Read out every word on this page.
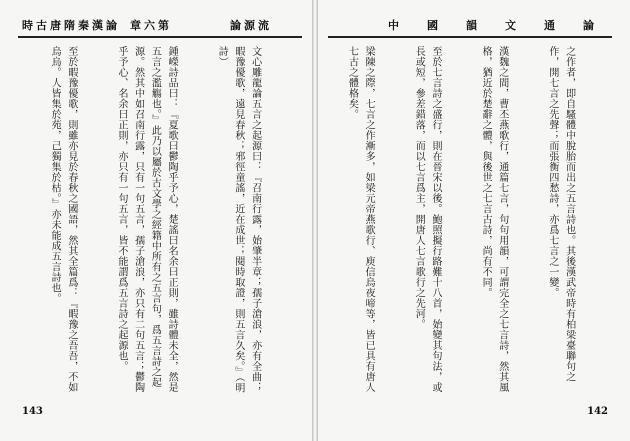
時古唐隋秦漢論 章六第	論源流

文心雕龍論五言之起源曰：『召南行露，始肇半章；孺子滄浪，亦有全曲；暇豫優歌，遠見春秋；邪徑童謠，近在成世；閱時取證，則五言久矣。』（明詩）

鍾嶸詩品曰：『夏歌曰鬱陶乎予心，楚謠曰名余曰正則，雖詩體未全，然是五言之濫觴也。』此乃以屬於古文學之經籍中所有之五言句，爲五言詩之起源。然其中如召南行露，只有一句五言，孺子滄浪，亦只有二句五言；鬱陶乎予心、名余曰正則，亦只有一句五言，皆不能謂爲五言詩之起源也。

至於暇豫優歌，則雖亦見於春秋之國語，然其全篇爲：『暇豫之吾吾，不如烏烏。人皆集於苑，己獨集於枯。』亦未能成五言詩也。

143
中國韻文通論

之作者，即自騷體中脫胎而出之五言詩也。其後漢武帝時有柏梁臺聯句之作，開七言之先聲；而張衡四愁詩，亦爲七言之一變。

漢魏之間，曹丕燕歌行，通篇七言，句句用韻，可謂完全之七言詩，然其風格，猶近於楚辭之體，與後世之七言古詩，尚有不同。

至於七言詩之盛行，則在晉宋以後。鮑照擬行路難十八首，始變其句法，或長或短，參差錯落，而以七言爲主，開唐人七言歌行之先河。

梁陳之際，七言之作漸多，如梁元帝燕歌行、庾信烏夜啼等，皆已具有唐人七古之體格矣。

142
